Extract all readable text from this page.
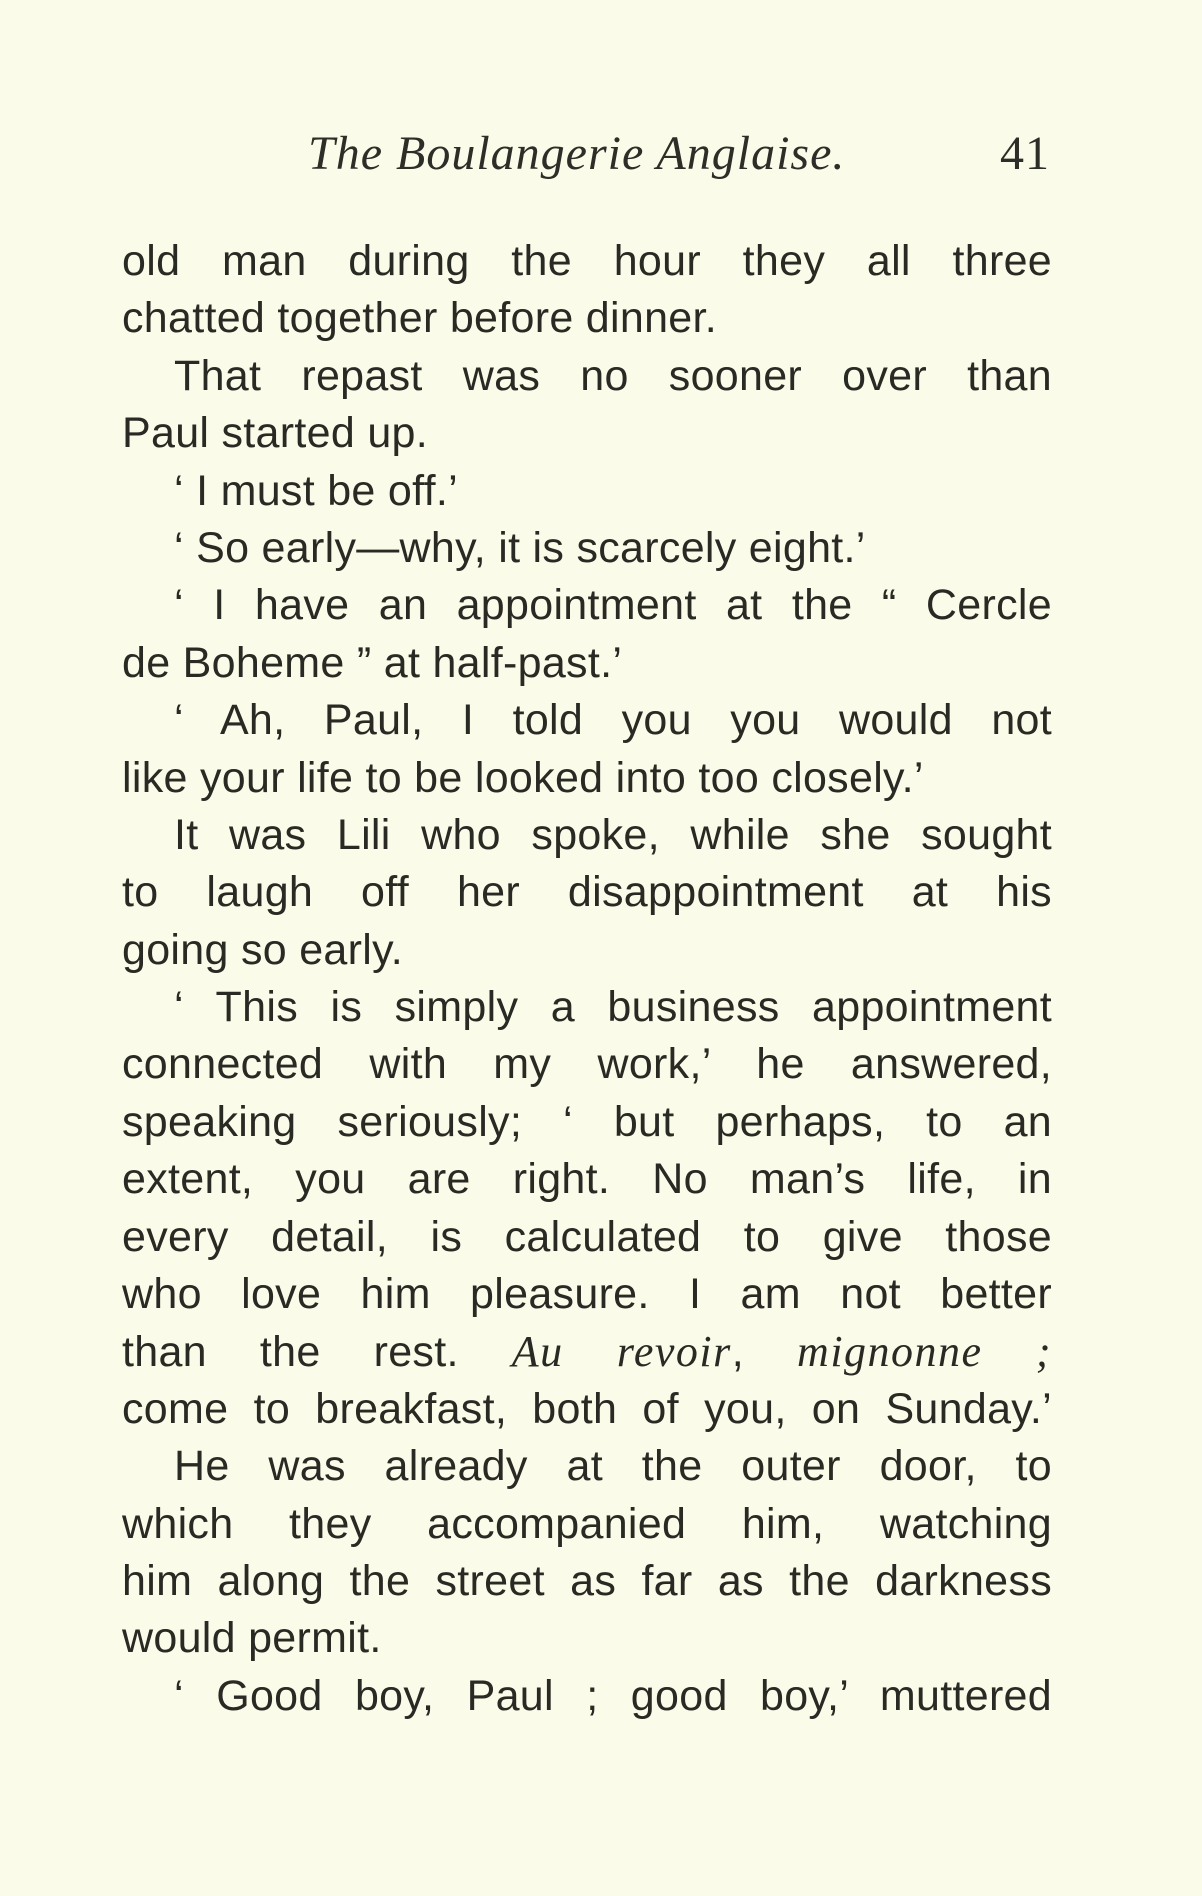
The Boulangerie Anglaise.	41
old man during the hour they all three
chatted together before dinner.
That repast was no sooner over than
Paul started up.
‘ I must be off.’
‘ So early—why, it is scarcely eight.’
‘ I have an appointment at the “ Cercle
de Boheme ” at half-past.’
‘ Ah, Paul, I told you you would not
like your life to be looked into too closely.’
It was Lili who spoke, while she sought
to laugh off her disappointment at his
going so early.
‘ This is simply a business appointment
connected with my work,’ he answered,
speaking seriously; ‘ but perhaps, to an
extent, you are right. No man’s life, in
every detail, is calculated to give those
who love him pleasure. I am not better
than the rest. Au revoir, mignonne ;
come to breakfast, both of you, on Sunday.’
He was already at the outer door, to
which they accompanied him, watching
him along the street as far as the darkness
would permit.
‘ Good boy, Paul ; good boy,’ muttered
